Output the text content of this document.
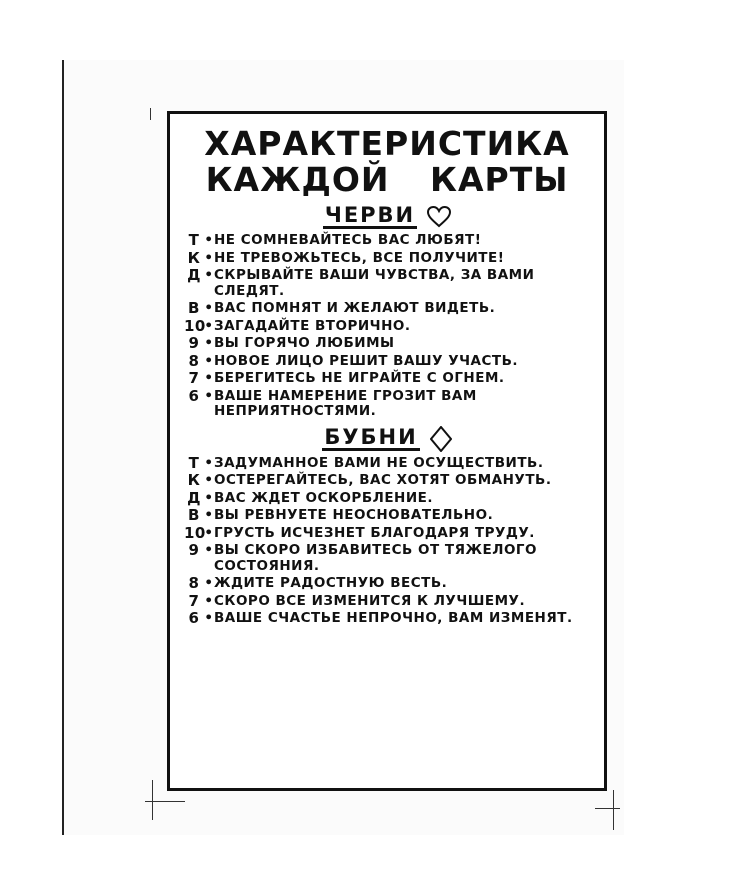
ХАРАКТЕРИСТИКА
КАЖДОЙ КАРТЫ
ЧЕРВИ
Т • НЕ СОМНЕВАЙТЕСЬ ВАС ЛЮБЯТ!
К • НЕ ТРЕВОЖЬТЕСЬ, ВСЕ ПОЛУЧИТЕ!
Д • СКРЫВАЙТЕ ВАШИ ЧУВСТВА, ЗА ВАМИ СЛЕДЯТ.
В • ВАС ПОМНЯТ И ЖЕЛАЮТ ВИДЕТЬ.
10
• ЗАГАДАЙТЕ ВТОРИЧНО.
9 • ВЫ ГОРЯЧО ЛЮБИМЫ
8 • НОВОЕ ЛИЦО РЕШИТ ВАШУ УЧАСТЬ.
7 • БЕРЕГИТЕСЬ НЕ ИГРАЙТЕ С ОГНЕМ.
6 • ВАШЕ НАМЕРЕНИЕ ГРОЗИТ ВАМ НЕПРИЯТНОСТЯМИ.
БУБНИ
Т • ЗАДУМАННОЕ ВАМИ НЕ ОСУЩЕСТВИТЬ.
К • ОСТЕРЕГАЙТЕСЬ, ВАС ХОТЯТ ОБМАНУТЬ.
Д • ВАС ЖДЕТ ОСКОРБЛЕНИЕ.
В • ВЫ РЕВНУЕТЕ НЕОСНОВАТЕЛЬНО.
10
• ГРУСТЬ ИСЧЕЗНЕТ БЛАГОДАРЯ ТРУДУ.
9 • ВЫ СКОРО ИЗБАВИТЕСЬ ОТ ТЯЖЕЛОГО СОСТОЯНИЯ.
8 • ЖДИТЕ РАДОСТНУЮ ВЕСТЬ.
7 • СКОРО ВСЕ ИЗМЕНИТСЯ К ЛУЧШЕМУ.
6 • ВАШЕ СЧАСТЬЕ НЕПРОЧНО, ВАМ ИЗМЕНЯТ.
